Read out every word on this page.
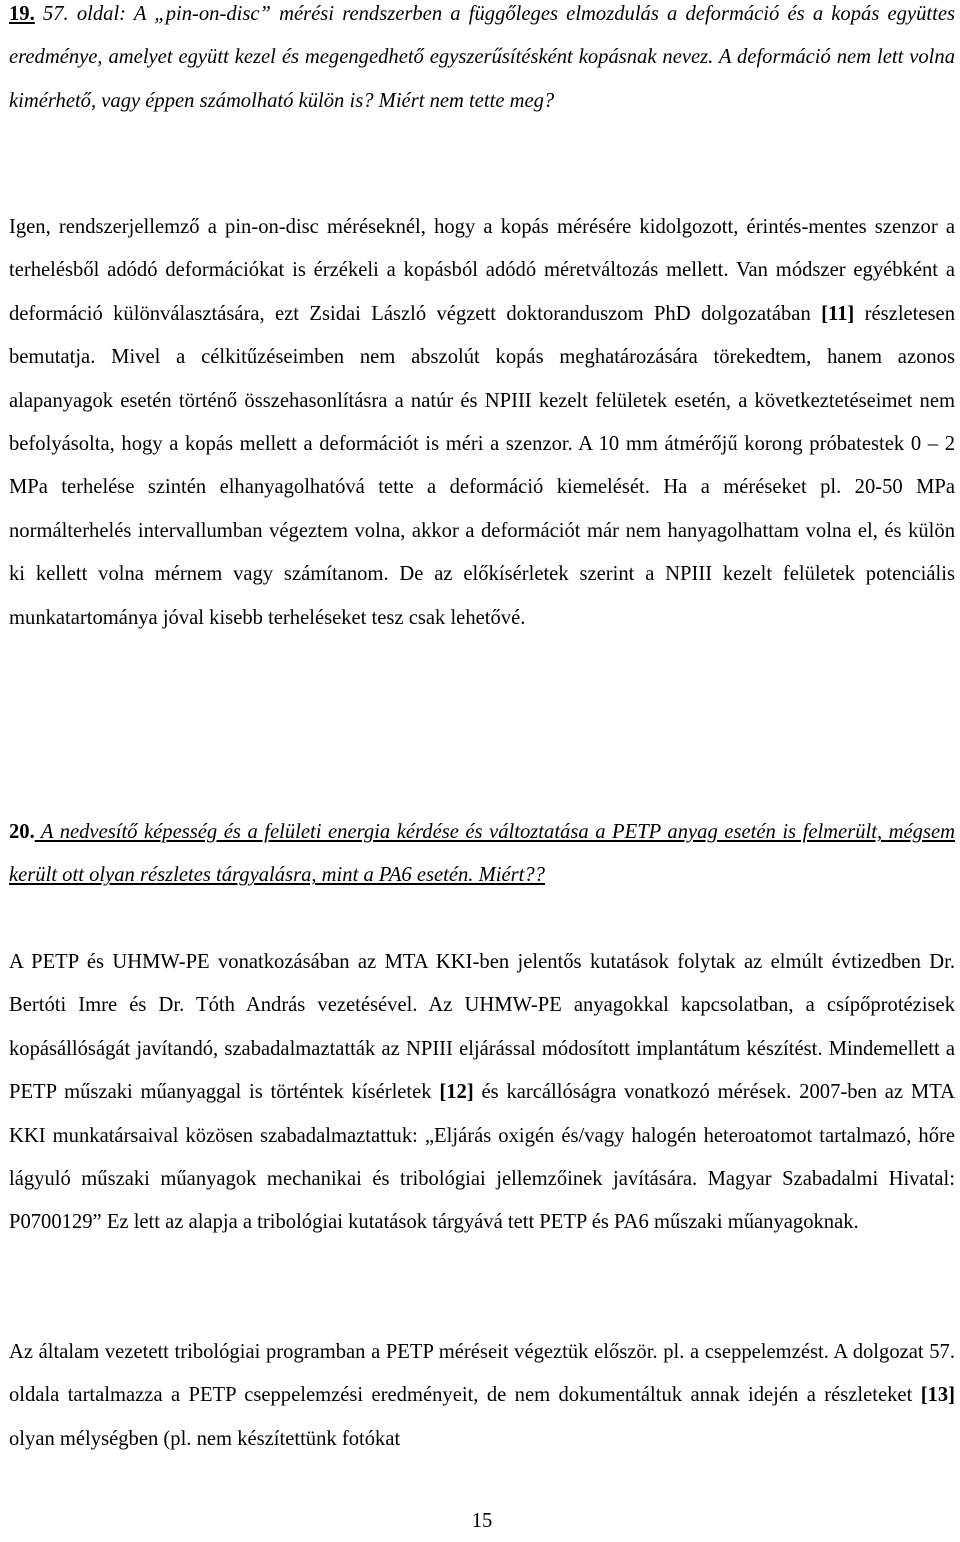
19. 57. oldal: A „pin-on-disc” mérési rendszerben a függőleges elmozdulás a deformáció és a kopás együttes eredménye, amelyet együtt kezel és megengedhető egyszerűsítésként kopásnak nevez. A deformáció nem lett volna kimérhető, vagy éppen számolható külön is? Miért nem tette meg?

Igen, rendszerjellemző a pin-on-disc méréseknél, hogy a kopás mérésére kidolgozott, érintés-mentes szenzor a terhelésből adódó deformációkat is érzékeli a kopásból adódó méretváltozás mellett. Van módszer egyébként a deformáció különválasztására, ezt Zsidai László végzett doktoranduszom PhD dolgozatában [11] részletesen bemutatja. Mivel a célkitűzéseimben nem abszolút kopás meghatározására törekedtem, hanem azonos alapanyagok esetén történő összehasonlításra a natúr és NPIII kezelt felületek esetén, a következtetéseimet nem befolyásolta, hogy a kopás mellett a deformációt is méri a szenzor. A 10 mm átmérőjű korong próbatestek 0 – 2 MPa terhelése szintén elhanyagolhatóvá tette a deformáció kiemelését. Ha a méréseket pl. 20-50 MPa normálterhelés intervallumban végeztem volna, akkor a deformációt már nem hanyagolhattam volna el, és külön ki kellett volna mérnem vagy számítanom. De az előkísérletek szerint a NPIII kezelt felületek potenciális munkatartománya jóval kisebb terheléseket tesz csak lehetővé.

20. A nedvesítő képesség és a felületi energia kérdése és változtatása a PETP anyag esetén is felmerült, mégsem került ott olyan részletes tárgyalásra, mint a PA6 esetén. Miért??

A PETP és UHMW-PE vonatkozásában az MTA KKI-ben jelentős kutatások folytak az elmúlt évtizedben Dr. Bertóti Imre és Dr. Tóth András vezetésével. Az UHMW-PE anyagokkal kapcsolatban, a csípőprotézisek kopásállóságát javítandó, szabadalmaztatták az NPIII eljárással módosított implantátum készítést. Mindemellett a PETP műszaki műanyaggal is történtek kísérletek [12] és karcállóságra vonatkozó mérések. 2007-ben az MTA KKI munkatársaival közösen szabadalmaztattuk: „Eljárás oxigén és/vagy halogén heteroatomot tartalmazó, hőre lágyuló műszaki műanyagok mechanikai és tribológiai jellemzőinek javítására. Magyar Szabadalmi Hivatal: P0700129” Ez lett az alapja a tribológiai kutatások tárgyává tett PETP és PA6 műszaki műanyagoknak.

Az általam vezetett tribológiai programban a PETP méréseit végeztük először. pl. a cseppelemzést. A dolgozat 57. oldala tartalmazza a PETP cseppelemzési eredményeit, de nem dokumentáltuk annak idején a részleteket [13] olyan mélységben (pl. nem készítettünk fotókat

15
